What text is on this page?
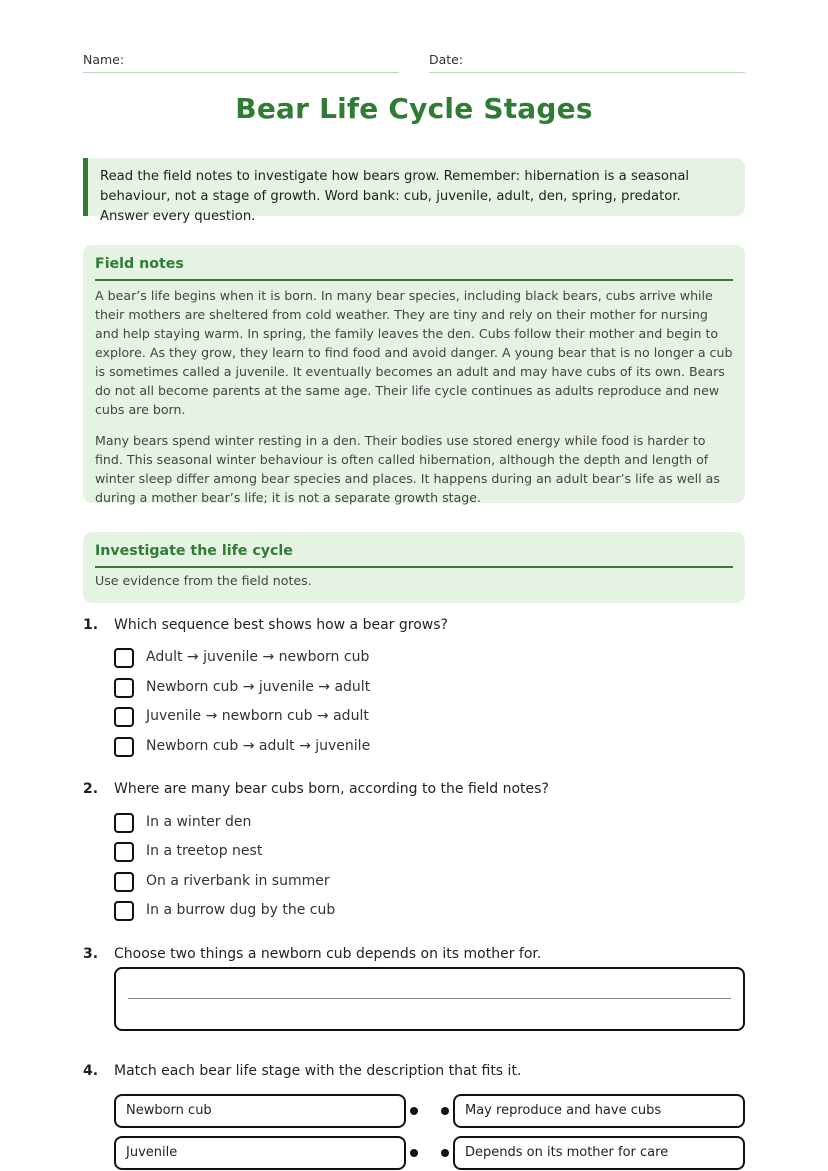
Name:	Date:
Bear Life Cycle Stages
Read the field notes to investigate how bears grow. Remember: hibernation is a seasonal behaviour, not a stage of growth. Word bank: cub, juvenile, adult, den, spring, predator. Answer every question.
Field notes

A bear’s life begins when it is born. In many bear species, including black bears, cubs arrive while their mothers are sheltered from cold weather. They are tiny and rely on their mother for nursing and help staying warm. In spring, the family leaves the den. Cubs follow their mother and begin to explore. As they grow, they learn to find food and avoid danger. A young bear that is no longer a cub is sometimes called a juvenile. It eventually becomes an adult and may have cubs of its own. Bears do not all become parents at the same age. Their life cycle continues as adults reproduce and new cubs are born.

Many bears spend winter resting in a den. Their bodies use stored energy while food is harder to find. This seasonal winter behaviour is often called hibernation, although the depth and length of winter sleep differ among bear species and places. It happens during an adult bear’s life as well as during a mother bear’s life; it is not a separate growth stage.

Investigate the life cycle
Use evidence from the field notes.
1. Which sequence best shows how a bear grows?
Adult → juvenile → newborn cub
Newborn cub → juvenile → adult
Juvenile → newborn cub → adult
Newborn cub → adult → juvenile
2. Where are many bear cubs born, according to the field notes?
In a winter den
In a treetop nest
On a riverbank in summer
In a burrow dug by the cub
3. Choose two things a newborn cub depends on its mother for.
4. Match each bear life stage with the description that fits it.
Newborn cub	May reproduce and have cubs
Juvenile	Depends on its mother for care
